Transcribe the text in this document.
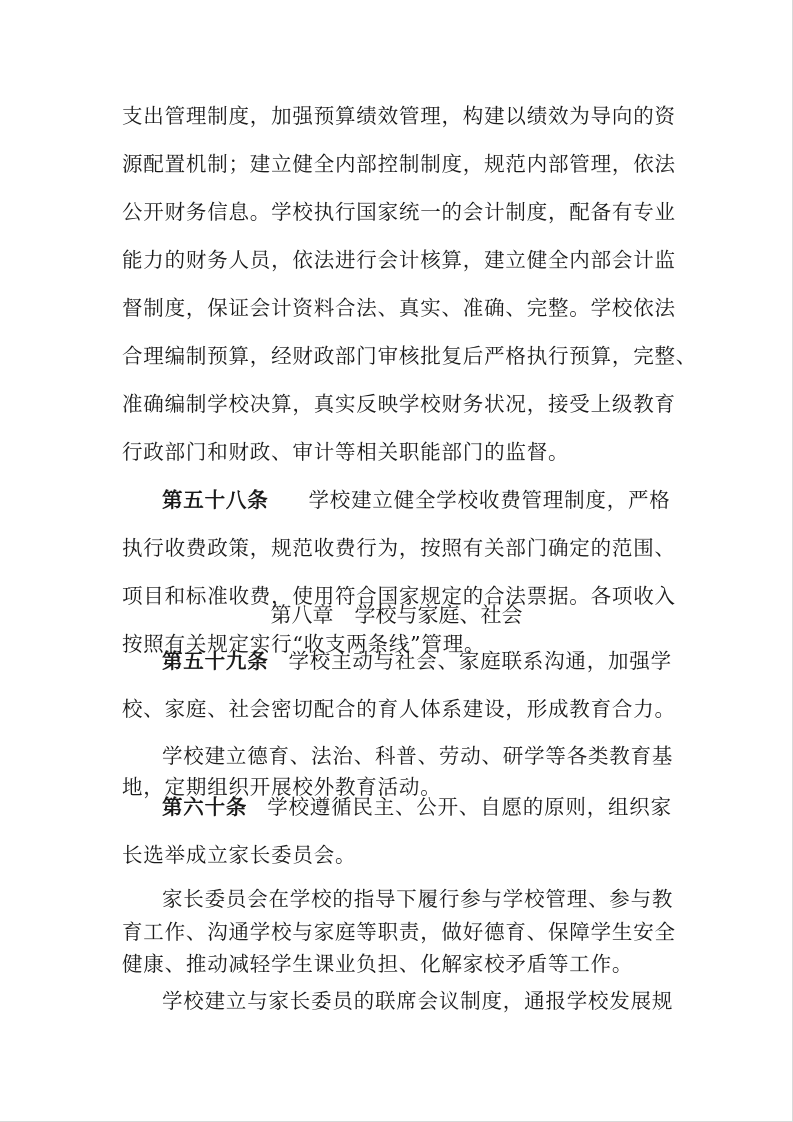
支出管理制度，加强预算绩效管理，构建以绩效为导向的资
源配置机制；建立健全内部控制制度，规范内部管理，依法
公开财务信息。学校执行国家统一的会计制度，配备有专业
能力的财务人员，依法进行会计核算，建立健全内部会计监
督制度，保证会计资料合法、真实、准确、完整。学校依法
合理编制预算，经财政部门审核批复后严格执行预算，完整、
准确编制学校决算，真实反映学校财务状况，接受上级教育
行政部门和财政、审计等相关职能部门的监督。
第五十八条 学校建立健全学校收费管理制度，严格
执行收费政策，规范收费行为，按照有关部门确定的范围、
项目和标准收费，使用符合国家规定的合法票据。各项收入
按照有关规定实行“收支两条线”管理。
第八章　学校与家庭、社会
第五十九条 学校主动与社会、家庭联系沟通，加强学
校、家庭、社会密切配合的育人体系建设，形成教育合力。
学校建立德育、法治、科普、劳动、研学等各类教育基
地，定期组织开展校外教育活动。
第六十条 学校遵循民主、公开、自愿的原则，组织家
长选举成立家长委员会。
家长委员会在学校的指导下履行参与学校管理、参与教
育工作、沟通学校与家庭等职责，做好德育、保障学生安全
健康、推动减轻学生课业负担、化解家校矛盾等工作。
学校建立与家长委员的联席会议制度，通报学校发展规
